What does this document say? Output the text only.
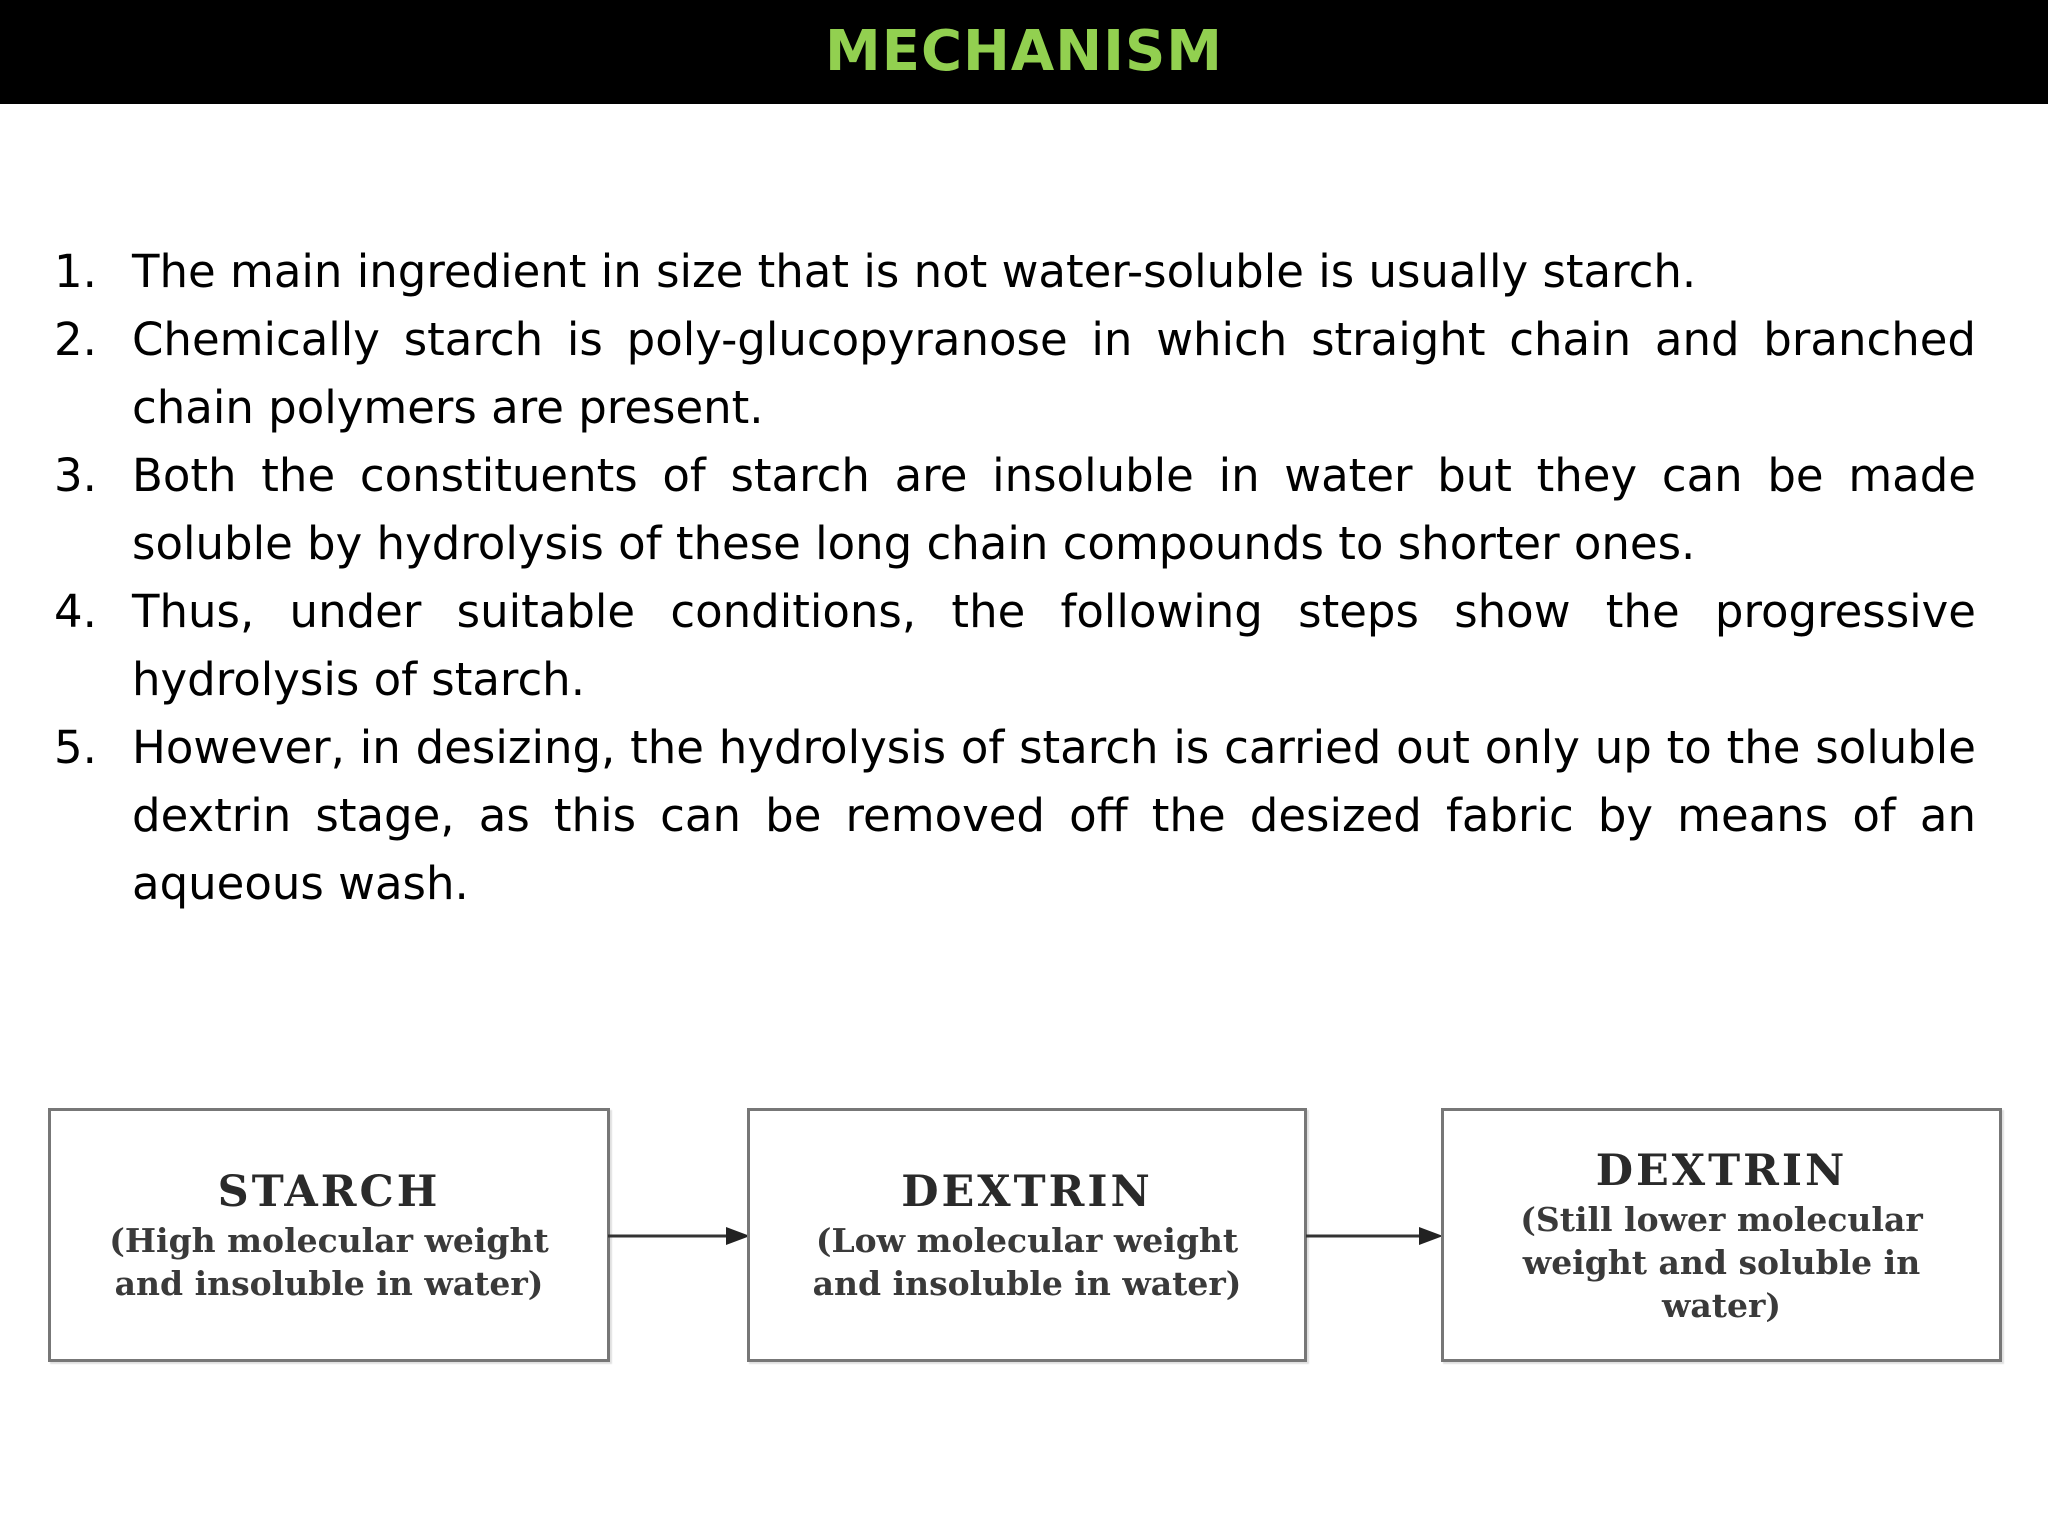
MECHANISM
1. The main ingredient in size that is not water-soluble is usually starch.
2. Chemically starch is poly-glucopyranose in which straight chain and branched chain polymers are present.
3. Both the constituents of starch are insoluble in water but they can be made soluble by hydrolysis of these long chain compounds to shorter ones.
4. Thus, under suitable conditions, the following steps show the progressive hydrolysis of starch.
5. However, in desizing, the hydrolysis of starch is carried out only up to the soluble dextrin stage, as this can be removed off the desized fabric by means of an aqueous wash.
STARCH
(High molecular weight
and insoluble in water)
DEXTRIN
(Low molecular weight
and insoluble in water)
DEXTRIN
(Still lower molecular
weight and soluble in
water)
